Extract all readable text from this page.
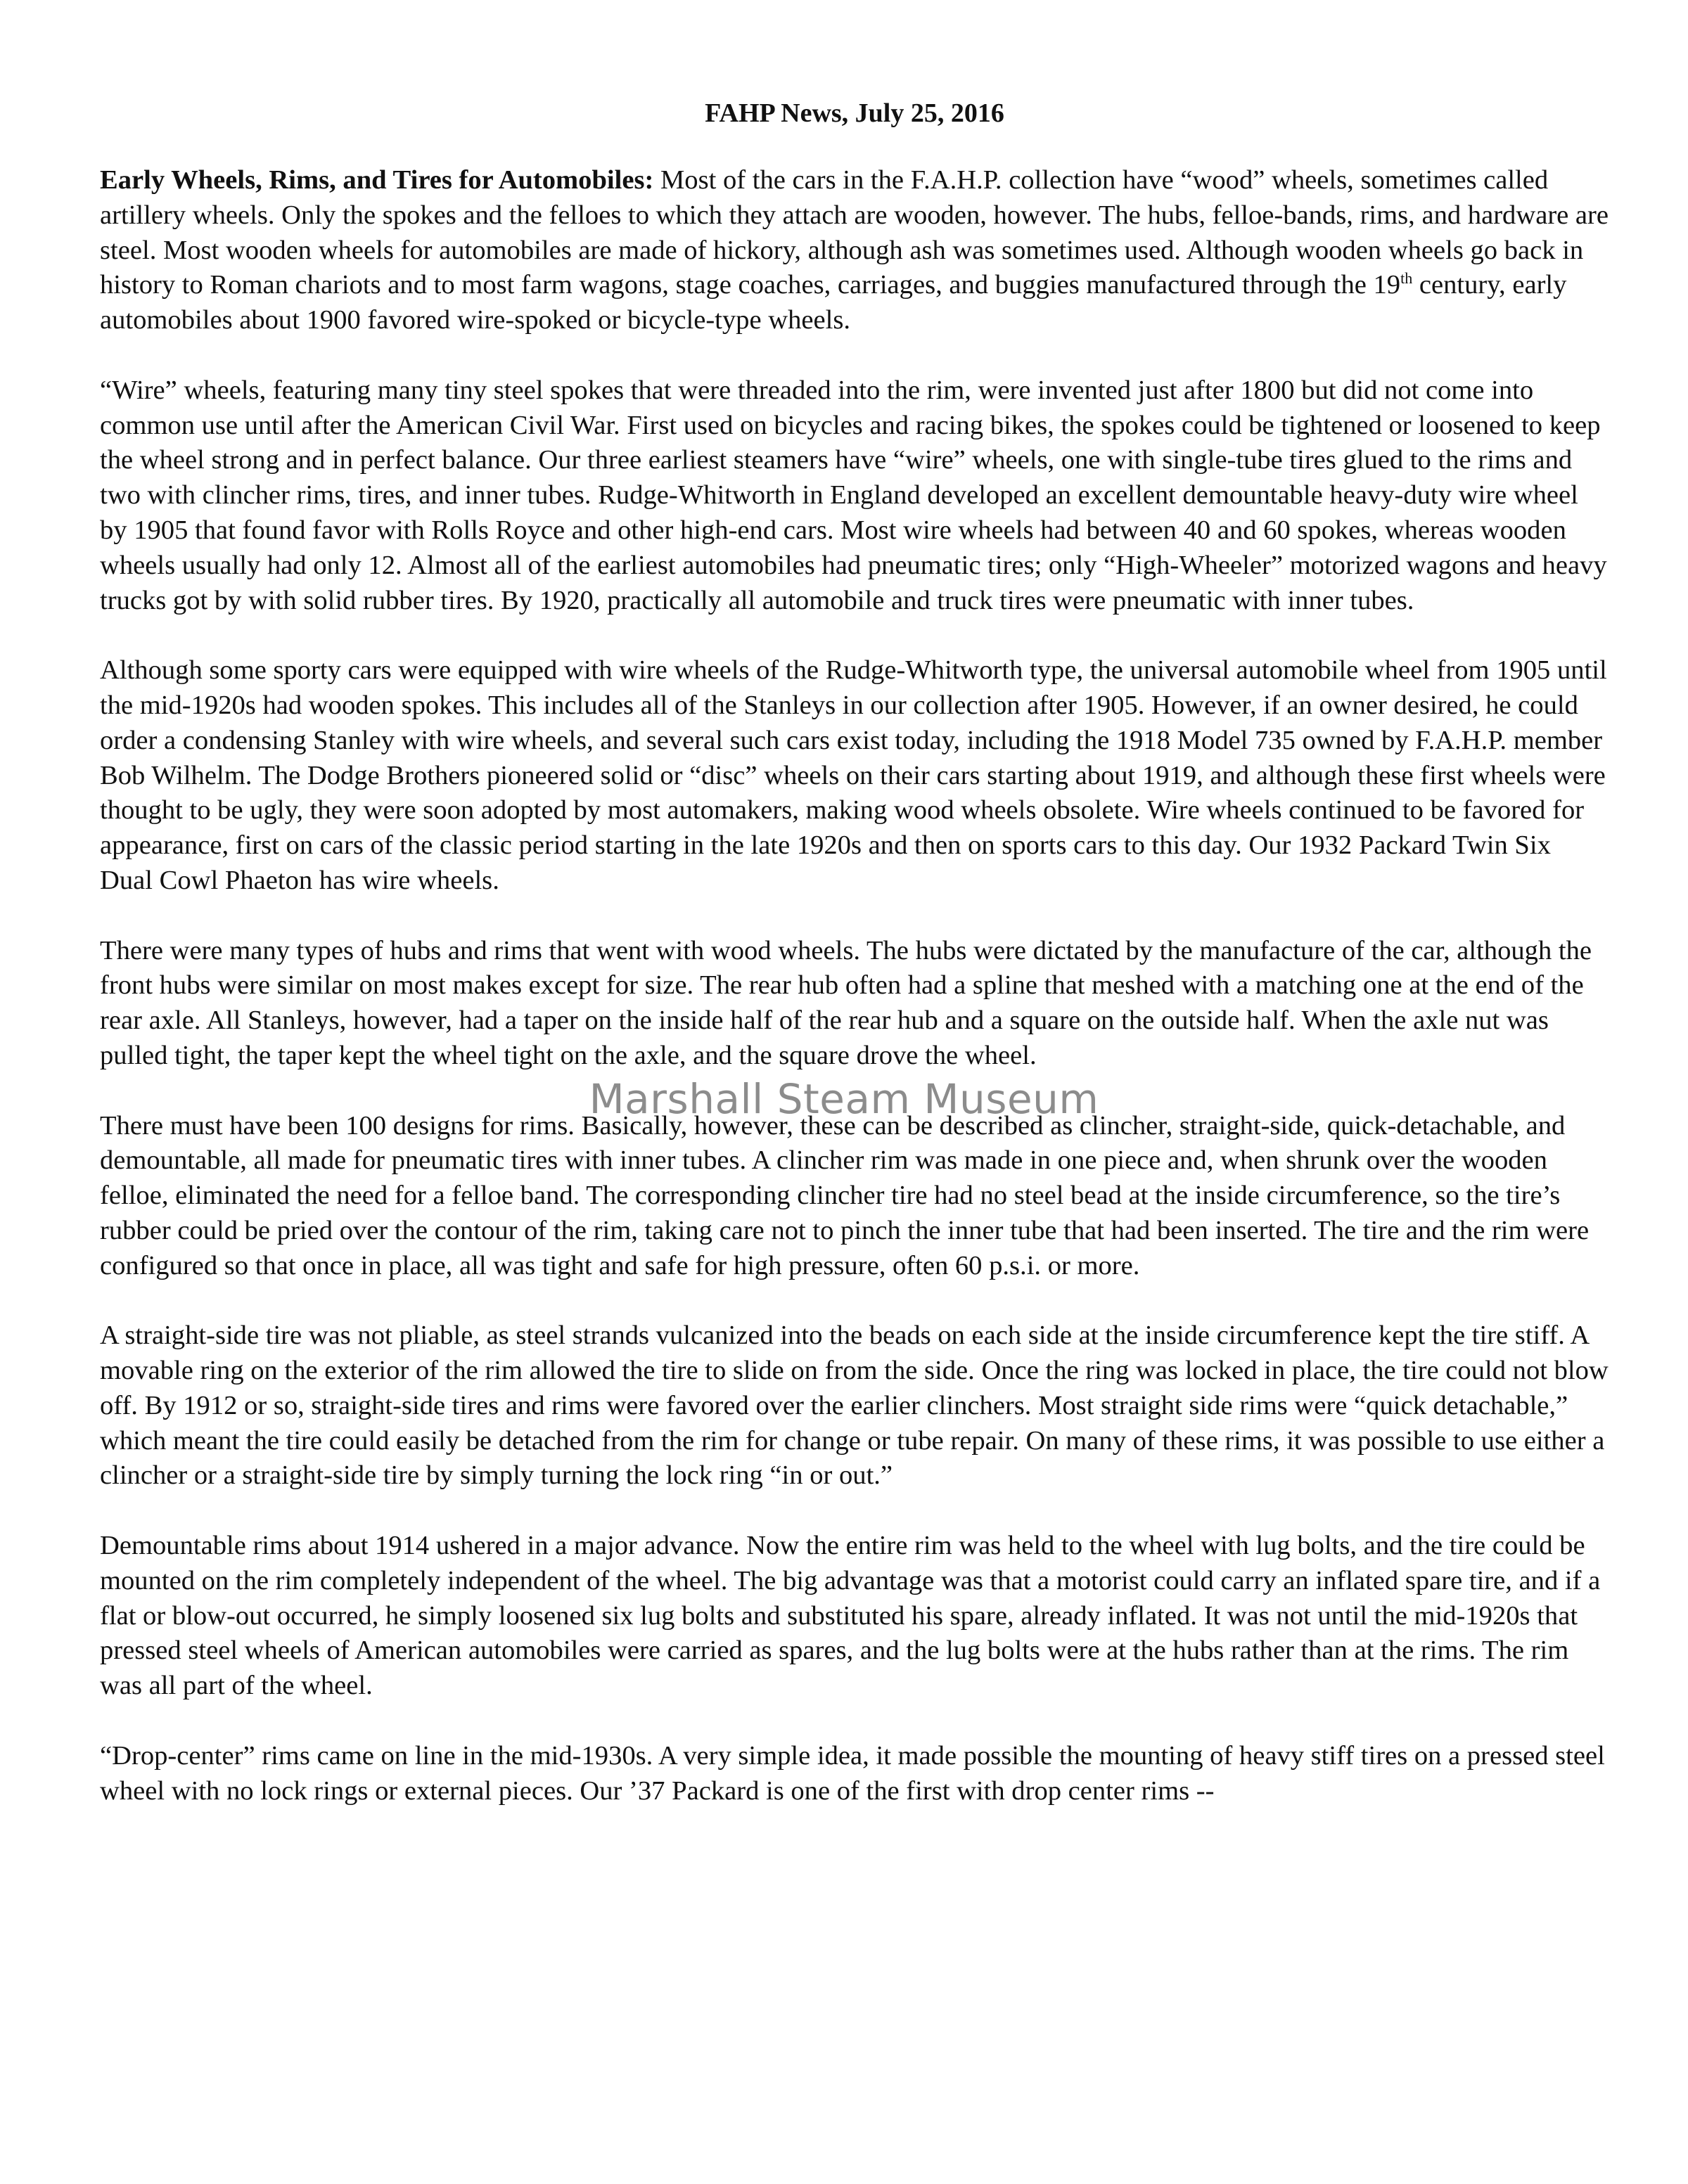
FAHP News, July 25, 2016

Early Wheels, Rims, and Tires for Automobiles: Most of the cars in the F.A.H.P. collection have “wood” wheels, sometimes called artillery wheels. Only the spokes and the felloes to which they attach are wooden, however. The hubs, felloe-bands, rims, and hardware are steel. Most wooden wheels for automobiles are made of hickory, although ash was sometimes used. Although wooden wheels go back in history to Roman chariots and to most farm wagons, stage coaches, carriages, and buggies manufactured through the 19th century, early automobiles about 1900 favored wire-spoked or bicycle-type wheels.

“Wire” wheels, featuring many tiny steel spokes that were threaded into the rim, were invented just after 1800 but did not come into common use until after the American Civil War. First used on bicycles and racing bikes, the spokes could be tightened or loosened to keep the wheel strong and in perfect balance. Our three earliest steamers have “wire” wheels, one with single-tube tires glued to the rims and two with clincher rims, tires, and inner tubes. Rudge-Whitworth in England developed an excellent demountable heavy-duty wire wheel by 1905 that found favor with Rolls Royce and other high-end cars. Most wire wheels had between 40 and 60 spokes, whereas wooden wheels usually had only 12. Almost all of the earliest automobiles had pneumatic tires; only “High-Wheeler” motorized wagons and heavy trucks got by with solid rubber tires. By 1920, practically all automobile and truck tires were pneumatic with inner tubes.

Although some sporty cars were equipped with wire wheels of the Rudge-Whitworth type, the universal automobile wheel from 1905 until the mid-1920s had wooden spokes. This includes all of the Stanleys in our collection after 1905. However, if an owner desired, he could order a condensing Stanley with wire wheels, and several such cars exist today, including the 1918 Model 735 owned by F.A.H.P. member Bob Wilhelm. The Dodge Brothers pioneered solid or “disc” wheels on their cars starting about 1919, and although these first wheels were thought to be ugly, they were soon adopted by most automakers, making wood wheels obsolete. Wire wheels continued to be favored for appearance, first on cars of the classic period starting in the late 1920s and then on sports cars to this day. Our 1932 Packard Twin Six Dual Cowl Phaeton has wire wheels.

There were many types of hubs and rims that went with wood wheels. The hubs were dictated by the manufacture of the car, although the front hubs were similar on most makes except for size. The rear hub often had a spline that meshed with a matching one at the end of the rear axle. All Stanleys, however, had a taper on the inside half of the rear hub and a square on the outside half. When the axle nut was pulled tight, the taper kept the wheel tight on the axle, and the square drove the wheel.

There must have been 100 designs for rims. Basically, however, these can be described as clincher, straight-side, quick-detachable, and demountable, all made for pneumatic tires with inner tubes. A clincher rim was made in one piece and, when shrunk over the wooden felloe, eliminated the need for a felloe band. The corresponding clincher tire had no steel bead at the inside circumference, so the tire’s rubber could be pried over the contour of the rim, taking care not to pinch the inner tube that had been inserted. The tire and the rim were configured so that once in place, all was tight and safe for high pressure, often 60 p.s.i. or more.

A straight-side tire was not pliable, as steel strands vulcanized into the beads on each side at the inside circumference kept the tire stiff. A movable ring on the exterior of the rim allowed the tire to slide on from the side. Once the ring was locked in place, the tire could not blow off. By 1912 or so, straight-side tires and rims were favored over the earlier clinchers. Most straight side rims were “quick detachable,” which meant the tire could easily be detached from the rim for change or tube repair. On many of these rims, it was possible to use either a clincher or a straight-side tire by simply turning the lock ring “in or out.”

Demountable rims about 1914 ushered in a major advance. Now the entire rim was held to the wheel with lug bolts, and the tire could be mounted on the rim completely independent of the wheel. The big advantage was that a motorist could carry an inflated spare tire, and if a flat or blow-out occurred, he simply loosened six lug bolts and substituted his spare, already inflated. It was not until the mid-1920s that pressed steel wheels of American automobiles were carried as spares, and the lug bolts were at the hubs rather than at the rims. The rim was all part of the wheel.

“Drop-center” rims came on line in the mid-1930s. A very simple idea, it made possible the mounting of heavy stiff tires on a pressed steel wheel with no lock rings or external pieces. Our ’37 Packard is one of the first with drop center rims --

Marshall Steam Museum
